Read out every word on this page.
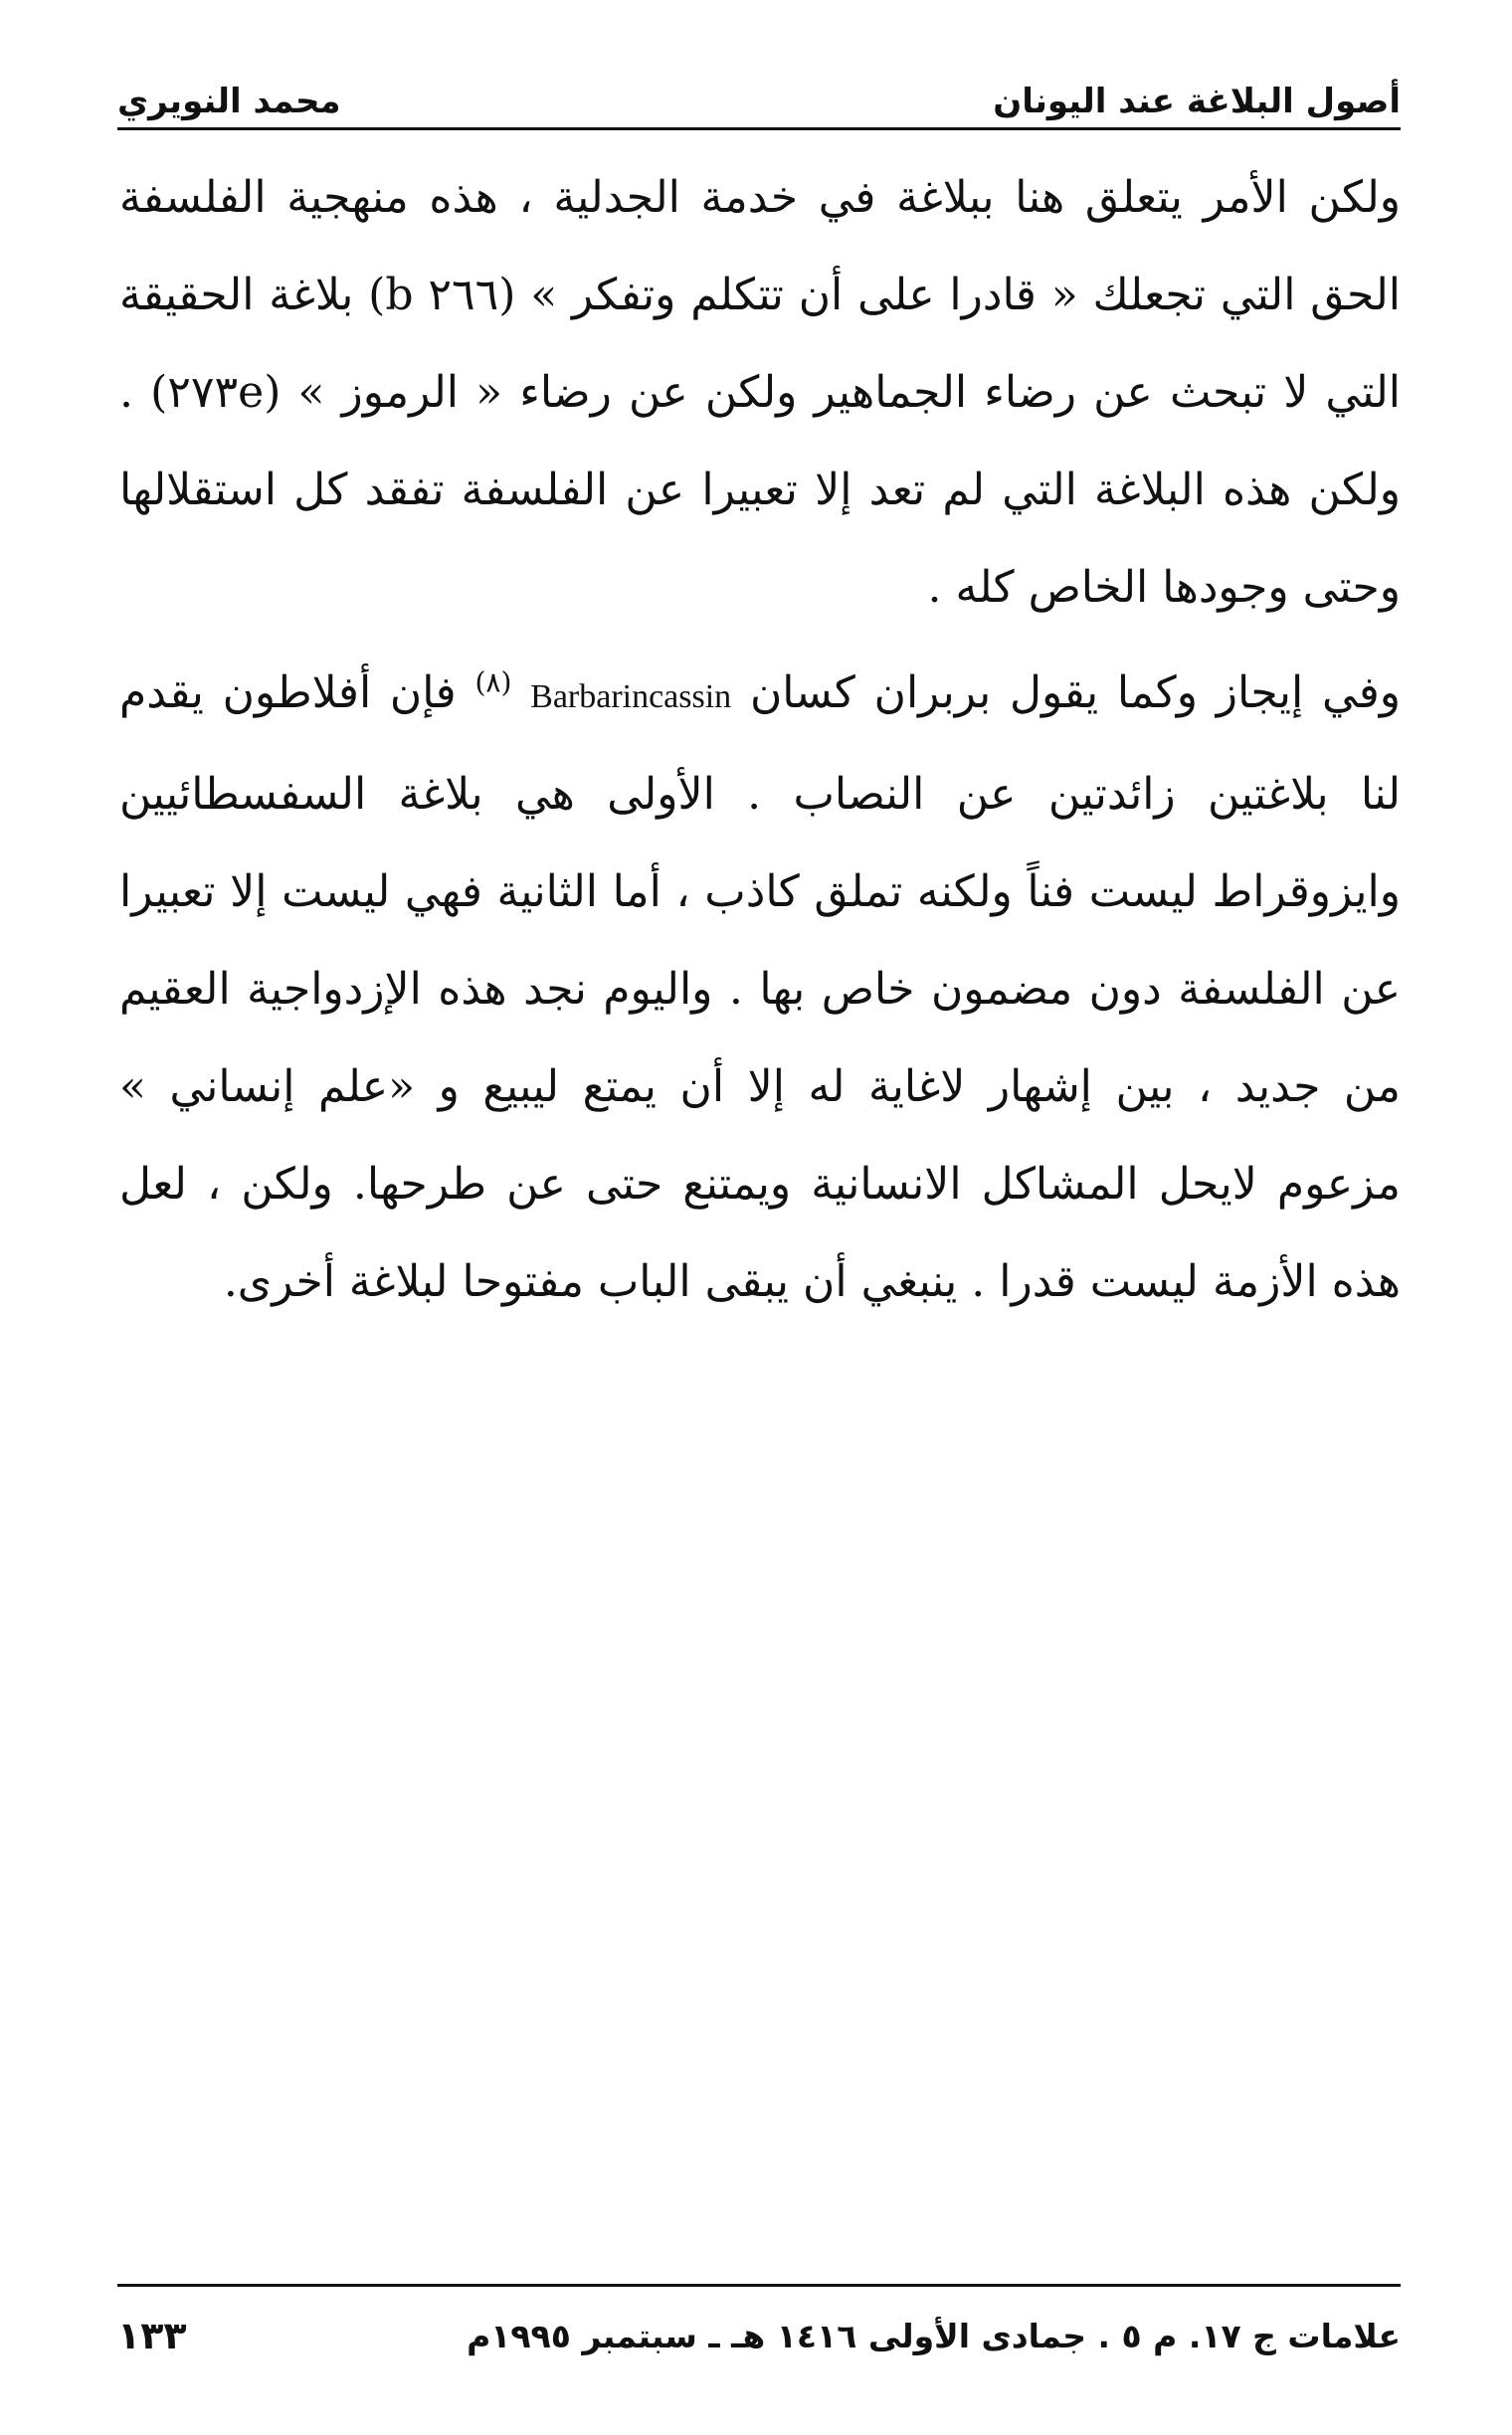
أصول البلاغة عند اليونان
محمد النويري

ولكن الأمر يتعلق هنا ببلاغة في خدمة الجدلية ، هذه منهجية الفلسفة الحق التي تجعلك « قادرا على أن تتكلم وتفكر » (٢٦٦ b) بلاغة الحقيقة التي لا تبحث عن رضاء الجماهير ولكن عن رضاء « الرموز » (٢٧٣e) . ولكن هذه البلاغة التي لم تعد إلا تعبيرا عن الفلسفة تفقد كل استقلالها وحتى وجودها الخاص كله .

وفي إيجاز وكما يقول بربران كسان Barbarincassin $^{(٨)}$ فإن أفلاطون يقدم لنا بلاغتين زائدتين عن النصاب . الأولى هي بلاغة السفسطائيين وايزوقراط ليست فناً ولكنه تملق كاذب ، أما الثانية فهي ليست إلا تعبيرا عن الفلسفة دون مضمون خاص بها . واليوم نجد هذه الإزدواجية العقيم من جديد ، بين إشهار لاغاية له إلا أن يمتع ليبيع و «علم إنساني » مزعوم لايحل المشاكل الانسانية ويمتنع حتى عن طرحها. ولكن ، لعل هذه الأزمة ليست قدرا . ينبغي أن يبقى الباب مفتوحا لبلاغة أخرى.

علامات ج ١٧. م ٥ . جمادى الأولى ١٤١٦ هـ ـ سبتمبر ١٩٩٥م
١٣٣
